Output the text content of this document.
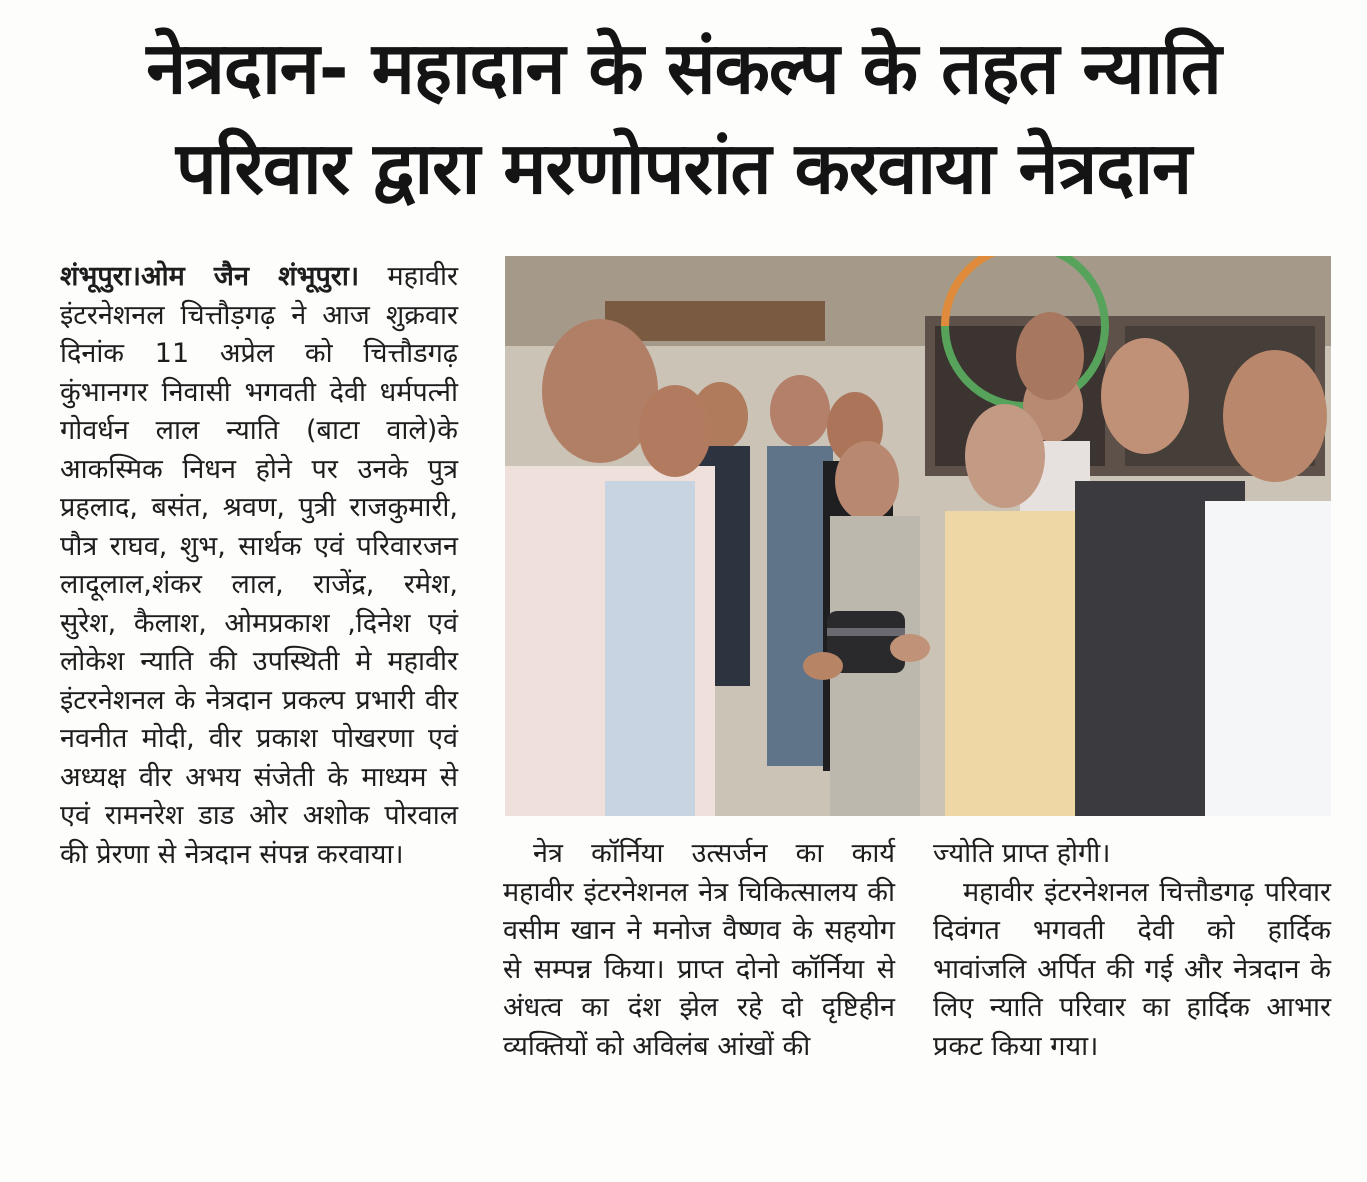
नेत्रदान- महादान के संकल्प के तहत न्याति
परिवार द्वारा मरणोपरांत करवाया नेत्रदान

शंभूपुरा।ओम जैन शंभूपुरा। महावीर इंटरनेशनल चित्तौड़गढ़ ने आज शुक्रवार दिनांक 11 अप्रेल को चित्तौडगढ़ कुंभानगर निवासी भगवती देवी धर्मपत्नी गोवर्धन लाल न्याति (बाटा वाले)के आकस्मिक निधन होने पर उनके पुत्र प्रहलाद, बसंत, श्रवण, पुत्री राजकुमारी, पौत्र राघव, शुभ, सार्थक एवं परिवारजन लादूलाल,शंकर लाल, राजेंद्र, रमेश, सुरेश, कैलाश, ओमप्रकाश ,दिनेश एवं लोकेश न्याति की उपस्थिती मे महावीर इंटरनेशनल के नेत्रदान प्रकल्प प्रभारी वीर नवनीत मोदी, वीर प्रकाश पोखरणा एवं अध्यक्ष वीर अभय संजेती के माध्यम से एवं रामनरेश डाड ओर अशोक पोरवाल की प्रेरणा से नेत्रदान संपन्न करवाया।	नेत्र कॉर्निया उत्सर्जन का कार्य महावीर इंटरनेशनल नेत्र चिकित्सालय की वसीम खान ने मनोज वैष्णव के सहयोग से सम्पन्न किया। प्राप्त दोनो कॉर्निया से अंधत्व का दंश झेल रहे दो दृष्टिहीन व्यक्तियों को अविलंब आंखों की

ज्योति प्राप्त होगी।

महावीर इंटरनेशनल चित्तौडगढ़ परिवार दिवंगत भगवती देवी को हार्दिक भावांजलि अर्पित की गई और नेत्रदान के लिए न्याति परिवार का हार्दिक आभार प्रकट किया गया।
